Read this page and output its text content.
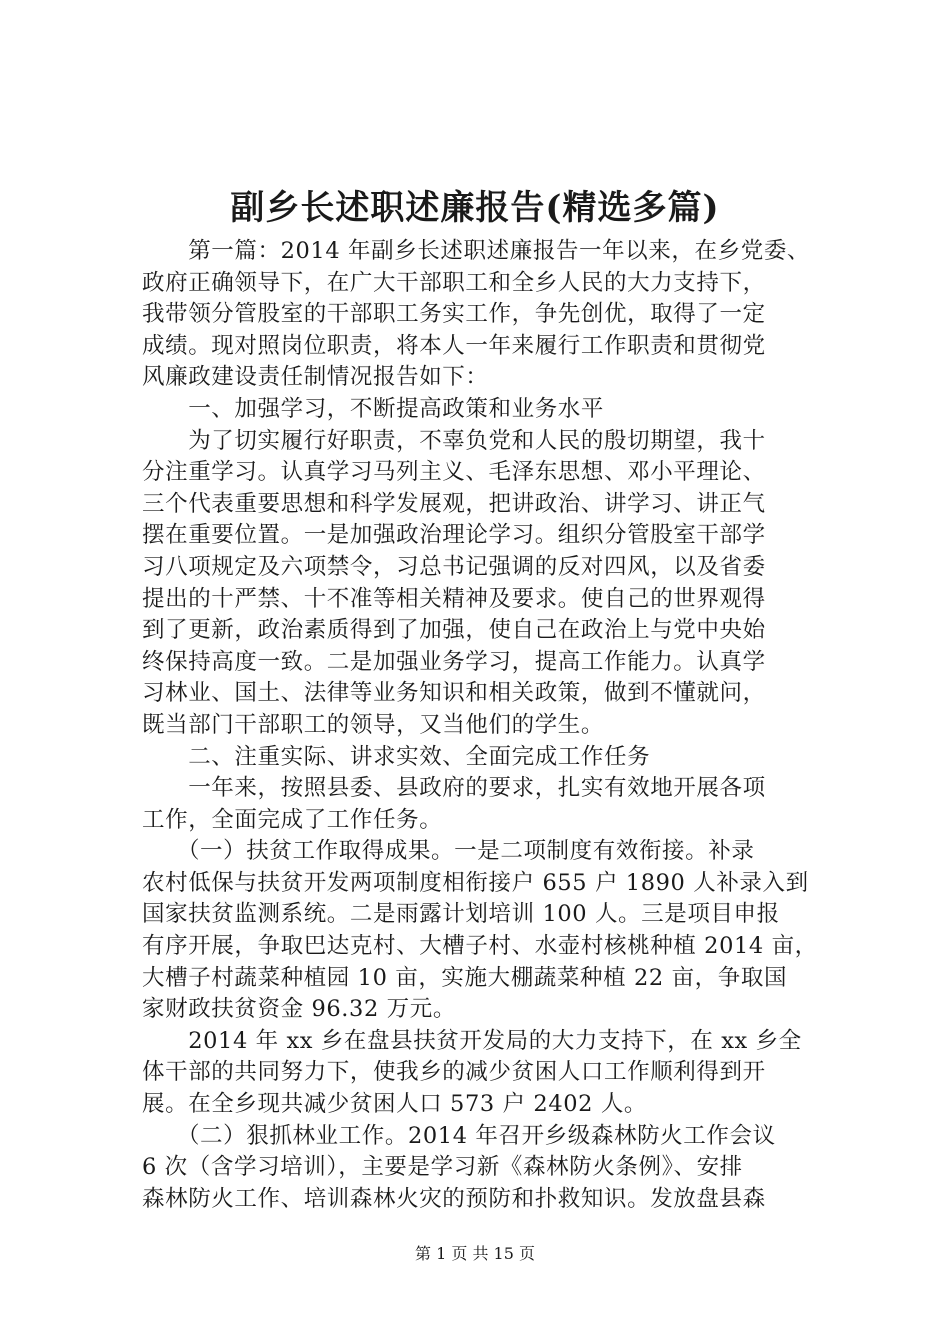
副乡长述职述廉报告(精选多篇)
　　第一篇：2014 年副乡长述职述廉报告一年以来，在乡党委、
政府正确领导下，在广大干部职工和全乡人民的大力支持下，
我带领分管股室的干部职工务实工作，争先创优，取得了一定
成绩。现对照岗位职责，将本人一年来履行工作职责和贯彻党
风廉政建设责任制情况报告如下：
　　一、加强学习，不断提高政策和业务水平
　　为了切实履行好职责，不辜负党和人民的殷切期望，我十
分注重学习。认真学习马列主义、毛泽东思想、邓小平理论、
三个代表重要思想和科学发展观，把讲政治、讲学习、讲正气
摆在重要位置。一是加强政治理论学习。组织分管股室干部学
习八项规定及六项禁令，习总书记强调的反对四风，以及省委
提出的十严禁、十不准等相关精神及要求。使自己的世界观得
到了更新，政治素质得到了加强，使自己在政治上与党中央始
终保持高度一致。二是加强业务学习，提高工作能力。认真学
习林业、国土、法律等业务知识和相关政策，做到不懂就问，
既当部门干部职工的领导，又当他们的学生。
　　二、注重实际、讲求实效、全面完成工作任务
　　一年来，按照县委、县政府的要求，扎实有效地开展各项
工作，全面完成了工作任务。
　　（一）扶贫工作取得成果。一是二项制度有效衔接。补录
农村低保与扶贫开发两项制度相衔接户 655 户 1890 人补录入到
国家扶贫监测系统。二是雨露计划培训 100 人。三是项目申报
有序开展，争取巴达克村、大槽子村、水壶村核桃种植 2014 亩，
大槽子村蔬菜种植园 10 亩，实施大棚蔬菜种植 22 亩，争取国
家财政扶贫资金 96.32 万元。
　　2014 年 xx 乡在盘县扶贫开发局的大力支持下，在 xx 乡全
体干部的共同努力下，使我乡的减少贫困人口工作顺利得到开
展。在全乡现共减少贫困人口 573 户 2402 人。
　　（二）狠抓林业工作。2014 年召开乡级森林防火工作会议
6 次（含学习培训），主要是学习新《森林防火条例》、安排
森林防火工作、培训森林火灾的预防和扑救知识。发放盘县森
第 1 页 共 15 页
